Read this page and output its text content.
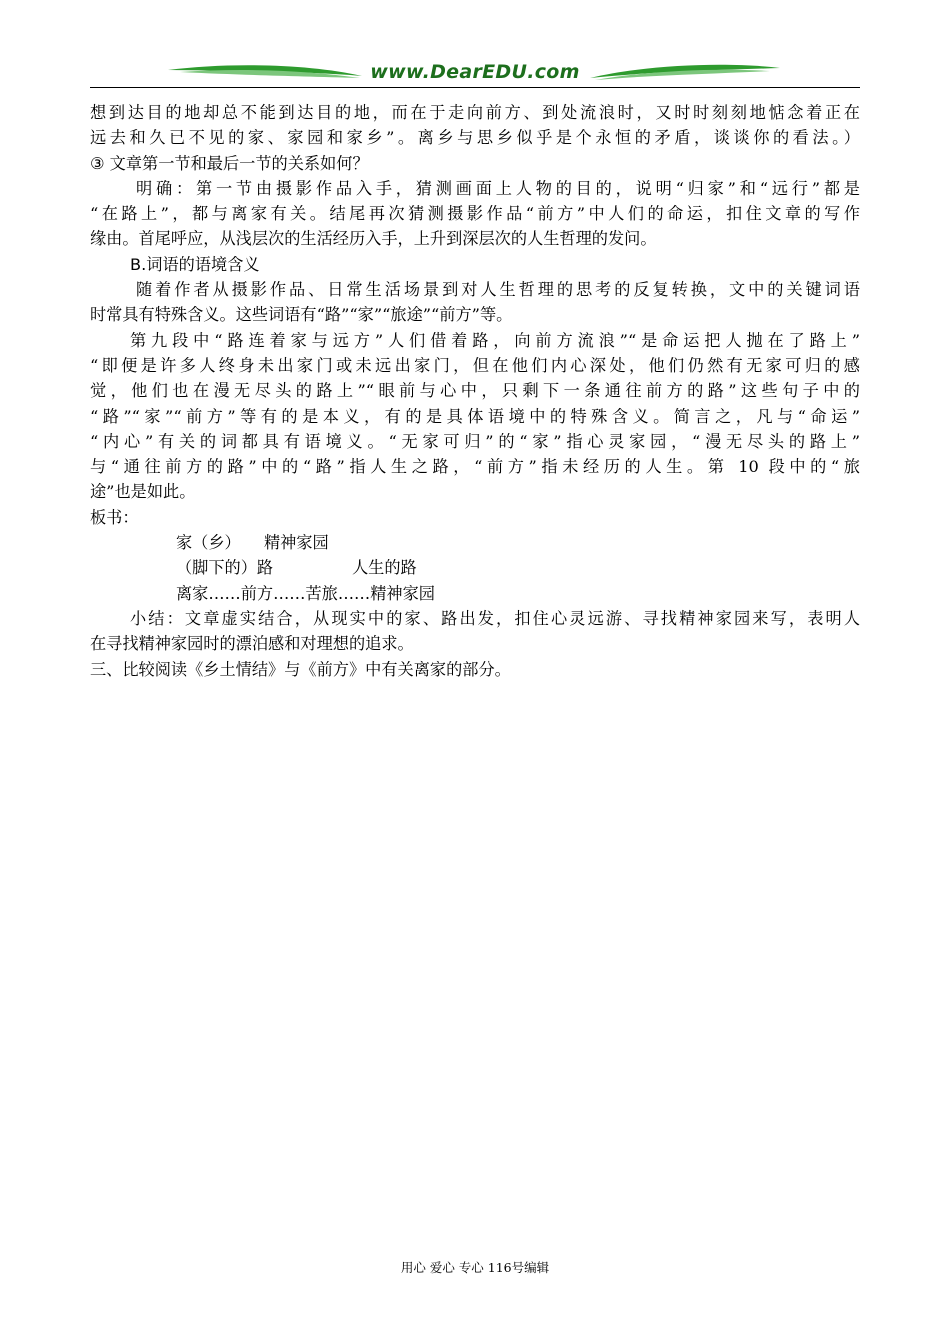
www.DearEDU.com
想到达目的地却总不能到达目的地，而在于走向前方、到处流浪时，又时时刻刻地惦念着正在
远去和久已不见的家、家园和家乡”。离乡与思乡似乎是个永恒的矛盾，谈谈你的看法。）
③ 文章第一节和最后一节的关系如何？
明确：第一节由摄影作品入手，猜测画面上人物的目的，说明“归家”和“远行”都是
“在路上”，都与离家有关。结尾再次猜测摄影作品“前方”中人们的命运，扣住文章的写作
缘由。首尾呼应，从浅层次的生活经历入手，上升到深层次的人生哲理的发问。
B.词语的语境含义
随着作者从摄影作品、日常生活场景到对人生哲理的思考的反复转换，文中的关键词语
时常具有特殊含义。这些词语有“路”“家”“旅途”“前方”等。
第九段中“路连着家与远方”人们借着路，向前方流浪”“是命运把人抛在了路上”
“即便是许多人终身未出家门或未远出家门，但在他们内心深处，他们仍然有无家可归的感
觉，他们也在漫无尽头的路上”“眼前与心中，只剩下一条通往前方的路”这些句子中的
“路”“家”“前方”等有的是本义，有的是具体语境中的特殊含义。简言之，凡与“命运”
“内心”有关的词都具有语境义。“无家可归”的“家”指心灵家园，“漫无尽头的路上”
与“通往前方的路”中的“路”指人生之路，“前方”指未经历的人生。第 10 段中的“旅
途”也是如此。
板书：
家（乡） 精神家园
（脚下的）路	人生的路
离家……前方……苦旅……精神家园
小结：文章虚实结合，从现实中的家、路出发，扣住心灵远游、寻找精神家园来写，表明人
在寻找精神家园时的漂泊感和对理想的追求。
三、比较阅读《乡土情结》与《前方》中有关离家的部分。
用心 爱心 专心 116号编辑
